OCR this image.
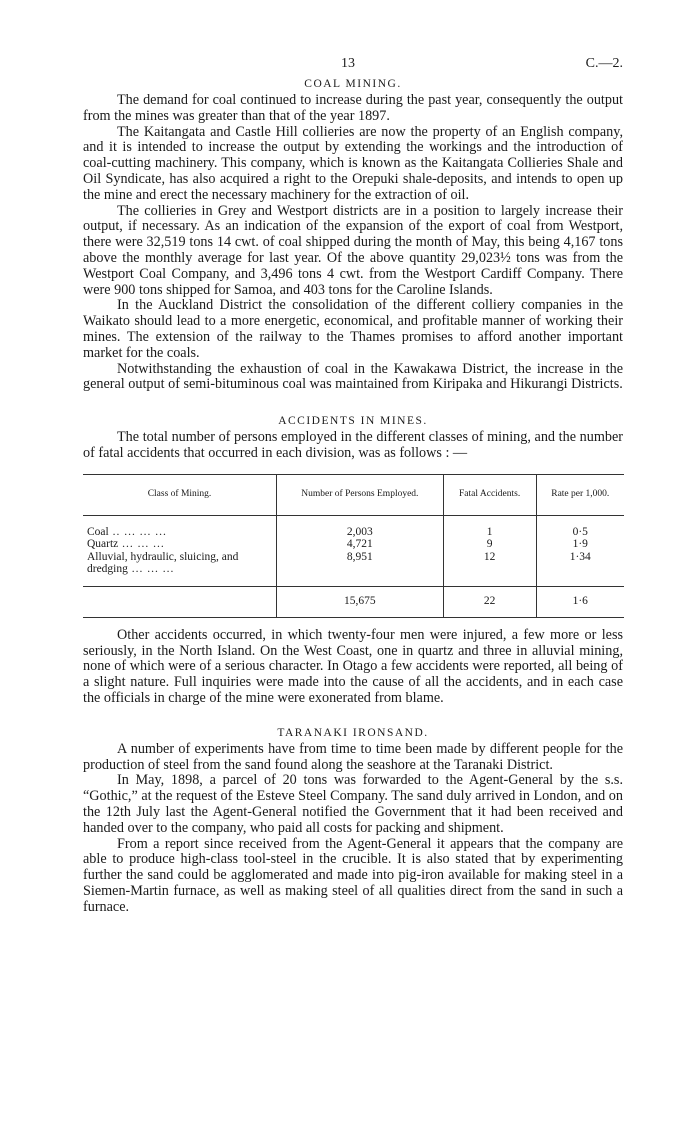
13	C.—2.
COAL MINING.

The demand for coal continued to increase during the past year, consequently the output from the mines was greater than that of the year 1897.

The Kaitangata and Castle Hill collieries are now the property of an English company, and it is intended to increase the output by extending the workings and the introduction of coal-cutting machinery. This company, which is known as the Kaitangata Collieries Shale and Oil Syndicate, has also acquired a right to the Orepuki shale-deposits, and intends to open up the mine and erect the necessary machinery for the extraction of oil.

The collieries in Grey and Westport districts are in a position to largely increase their output, if necessary. As an indication of the expansion of the export of coal from Westport, there were 32,519 tons 14 cwt. of coal shipped during the month of May, this being 4,167 tons above the monthly average for last year. Of the above quantity 29,023½ tons was from the Westport Coal Company, and 3,496 tons 4 cwt. from the Westport Cardiff Company. There were 900 tons shipped for Samoa, and 403 tons for the Caroline Islands.

In the Auckland District the consolidation of the different colliery companies in the Waikato should lead to a more energetic, economical, and profitable manner of working their mines. The extension of the railway to the Thames promises to afford another important market for the coals.

Notwithstanding the exhaustion of coal in the Kawakawa District, the increase in the general output of semi-bituminous coal was maintained from Kiripaka and Hikurangi Districts.

ACCIDENTS IN MINES.

The total number of persons employed in the different classes of mining, and the number of fatal accidents that occurred in each division, was as follows : —

Class of Mining.	Number of Persons Employed.	Fatal Accidents.	Rate per 1,000.
Coal .. ... ... ...	2,003	1	0·5
Quartz ... ... ...	4,721	9	1·9
Alluvial, hydraulic, sluicing, and dredging ... ... ...	8,951	12	1·34
	15,675	22	1·6

Other accidents occurred, in which twenty-four men were injured, a few more or less seriously, in the North Island. On the West Coast, one in quartz and three in alluvial mining, none of which were of a serious character. In Otago a few accidents were reported, all being of a slight nature. Full inquiries were made into the cause of all the accidents, and in each case the officials in charge of the mine were exonerated from blame.

TARANAKI IRONSAND.

A number of experiments have from time to time been made by different people for the production of steel from the sand found along the seashore at the Taranaki District.

In May, 1898, a parcel of 20 tons was forwarded to the Agent-General by the s.s. “Gothic,” at the request of the Esteve Steel Company. The sand duly arrived in London, and on the 12th July last the Agent-General notified the Government that it had been received and handed over to the company, who paid all costs for packing and shipment.

From a report since received from the Agent-General it appears that the company are able to produce high-class tool-steel in the crucible. It is also stated that by experimenting further the sand could be agglomerated and made into pig-iron available for making steel in a Siemen-Martin furnace, as well as making steel of all qualities direct from the sand in such a furnace.
